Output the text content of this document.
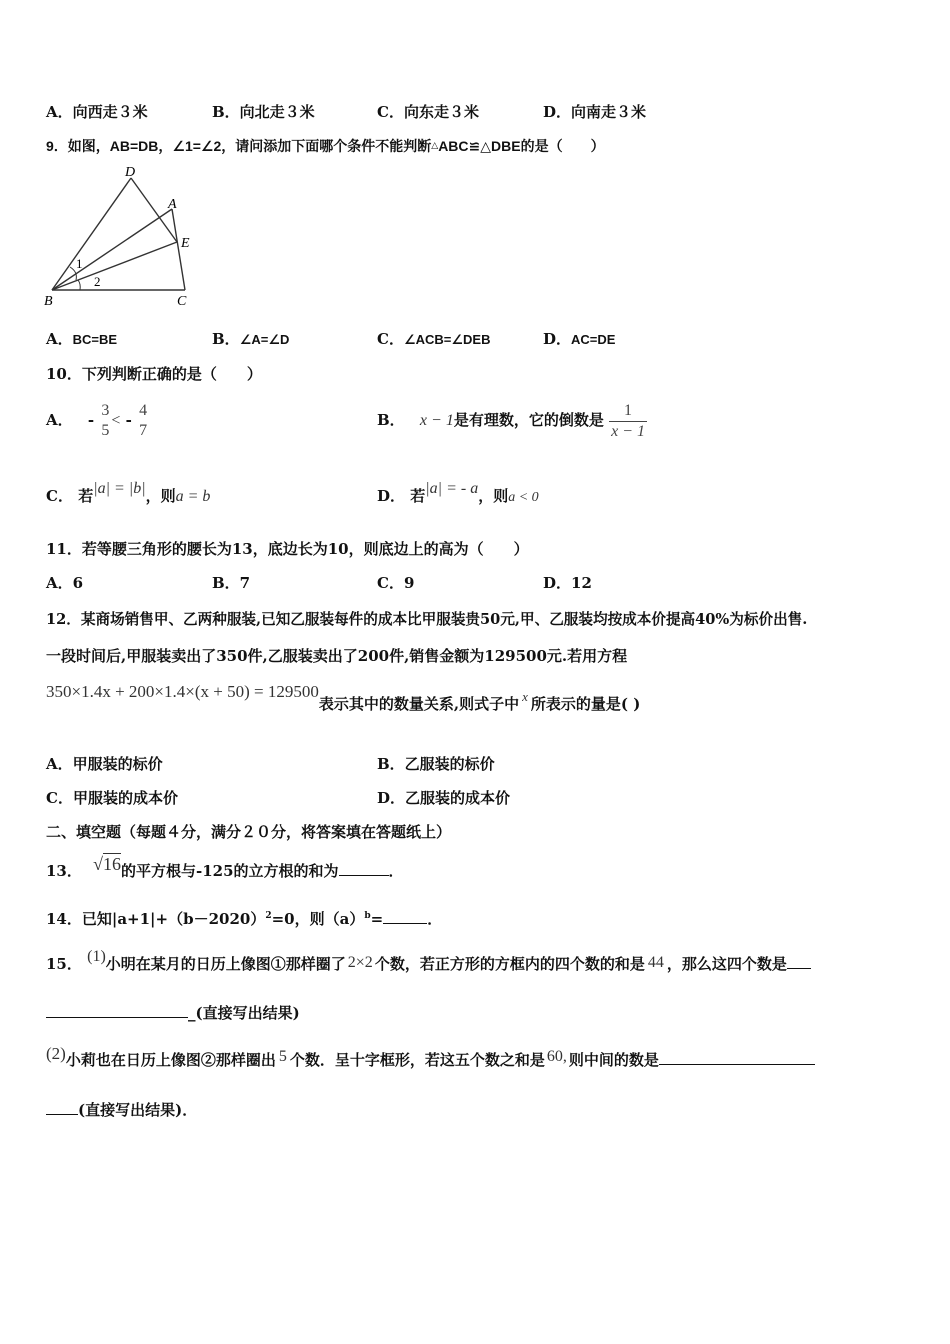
A．向西走３米	B．向北走３米	C．向东走３米	D．向南走３米
9．如图，AB=DB，∠1=∠2，请问添加下面哪个条件不能判断△ABC≌△DBE的是（　　）
D
A
E
1
2
B	C
A．BC=BE	B．∠A=∠D	C．∠ACB=∠DEB	D．AC=DE
10．下列判断正确的是（　　）
A． -
3
5
< -
4
7
B． x − 1是有理数，它的倒数是 $\frac{1}{x - 1}$
C． 若|a| = |b|，则a = b	D． 若|a| = - a，则a < 0
11．若等腰三角形的腰长为13，底边长为10，则底边上的高为（　　）
A．6	B．7	C．9	D．12
12．某商场销售甲、乙两种服装,已知乙服装每件的成本比甲服装贵50元,甲、乙服装均按成本价提高40%为标价出售.
一段时间后,甲服装卖出了350件,乙服装卖出了200件,销售金额为129500元.若用方程
350×1.4x + 200×1.4×(x + 50) = 129500表示其中的数量关系,则式子中 x 所表示的量是( )
A．甲服装的标价	B．乙服装的标价
C．甲服装的成本价	D．乙服装的成本价
二、填空题（每题４分，满分２０分，将答案填在答题纸上）
13． √16的平方根与-125的立方根的和为	．
14．已知$|a+1|+(b-2020)^2=0$，则$(a)^b=$	．
15． (1)小明在某月的日历上像图①那样圈了 2×2 个数，若正方形的方框内的四个数的和是 44 ，那么这四个数是
_(直接写出结果)
(2)小莉也在日历上像图②那样圈出 5 个数．呈十字框形，若这五个数之和是 60, 则中间的数是
(直接写出结果)．
